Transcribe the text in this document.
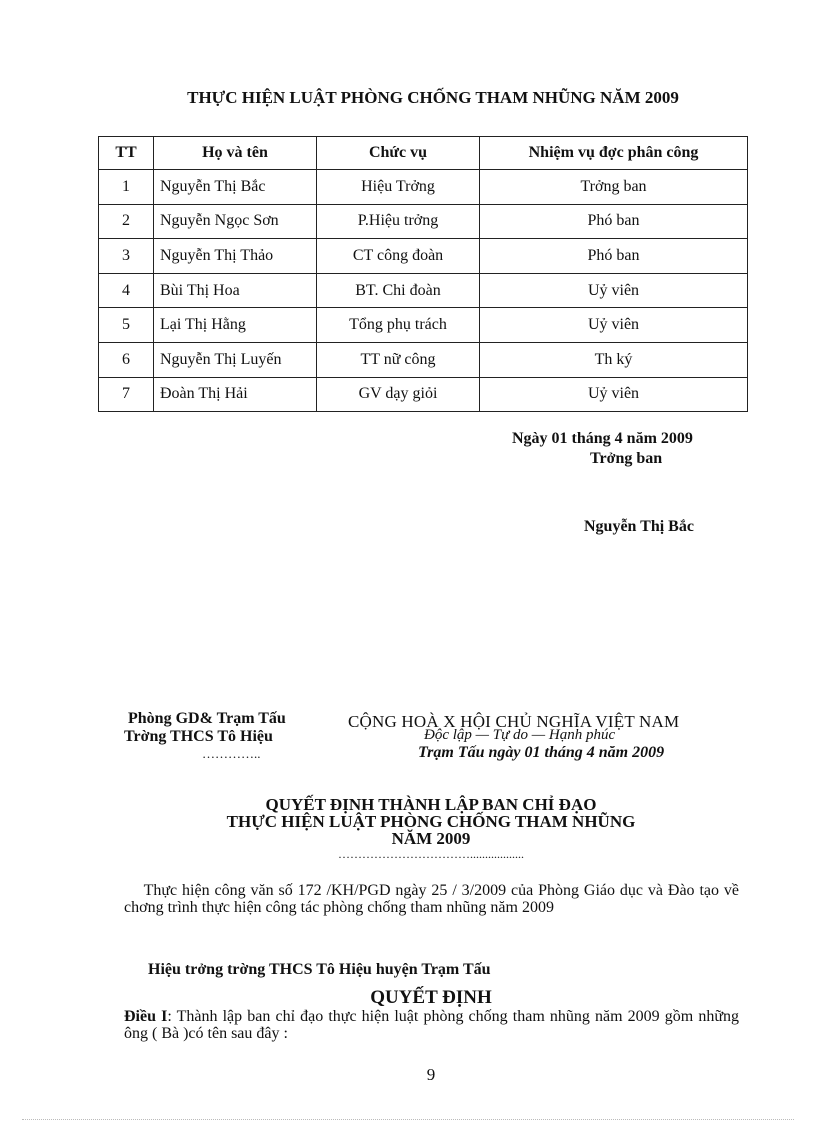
THỰC HIỆN LUẬT PHÒNG CHỐNG THAM NHŨNG NĂM 2009
TT	Họ và tên	Chức vụ	Nhiệm vụ đợc phân công
1	Nguyễn Thị Bắc	Hiệu Trởng	Trởng ban
2	Nguyễn Ngọc Sơn	P.Hiệu trởng	Phó ban
3	Nguyễn Thị Thảo	CT công đoàn	Phó ban
4	Bùi Thị Hoa	BT. Chi đoàn	Uỷ viên
5	Lại Thị Hằng	Tổng phụ trách	Uỷ viên
6	Nguyễn Thị Luyến	TT nữ công	Th ký
7	Đoàn Thị Hải	GV dạy giỏi	Uỷ viên
Ngày 01 tháng 4 năm 2009
Trởng ban
Nguyễn Thị Bắc
Phòng GD& Trạm Tấu
Trờng THCS Tô Hiệu
…………..
CỘNG HOÀ X HỘI CHỦ NGHĨA VIỆT NAM
Độc lập — Tự do — Hạnh phúc
Trạm Tấu ngày 01 tháng 4 năm 2009
QUYẾT ĐỊNH THÀNH LẬP BAN CHỈ ĐẠO
THỰC HIỆN LUẬT PHÒNG CHỐNG THAM NHŨNG
NĂM 2009
……………………………..................
Thực hiện công văn số 172 /KH/PGD ngày 25 / 3/2009 của Phòng Giáo dục và Đào tạo về chơng trình thực hiện công tác phòng chống tham nhũng năm 2009
Hiệu trởng trờng THCS Tô Hiệu huyện Trạm Tấu
QUYẾT ĐỊNH
Điều I: Thành lập ban chỉ đạo thực hiện luật phòng chống tham nhũng năm 2009 gồm những ông ( Bà )có tên sau đây :
9
